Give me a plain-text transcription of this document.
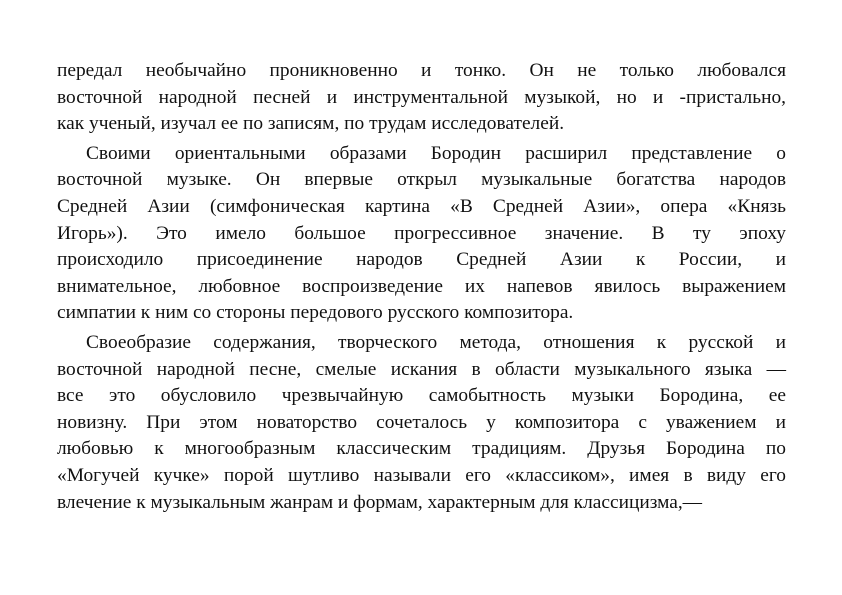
передал необычайно проникновенно и тонко. Он не только любовался
восточной народной песней и инструментальной музыкой, но и -пристально,
как ученый, изучал ее по записям, по трудам исследователей.
Своими ориентальными образами Бородин расширил представление о
восточной музыке. Он впервые открыл музыкальные богатства народов
Средней Азии (симфоническая картина «В Средней Азии», опера «Князь
Игорь»). Это имело большое прогрессивное значение. В ту эпоху
происходило присоединение народов Средней Азии к России, и
внимательное, любовное воспроизведение их напевов явилось выражением
симпатии к ним со стороны передового русского композитора.
Своеобразие содержания, творческого метода, отношения к русской и
восточной народной песне, смелые искания в области музыкального языка —
все это обусловило чрезвычайную самобытность музыки Бородина, ее
новизну. При этом новаторство сочеталось у композитора с уважением и
любовью к многообразным классическим традициям. Друзья Бородина по
«Могучей кучке» порой шутливо называли его «классиком», имея в виду его
влечение к музыкальным жанрам и формам, характерным для классицизма,—
